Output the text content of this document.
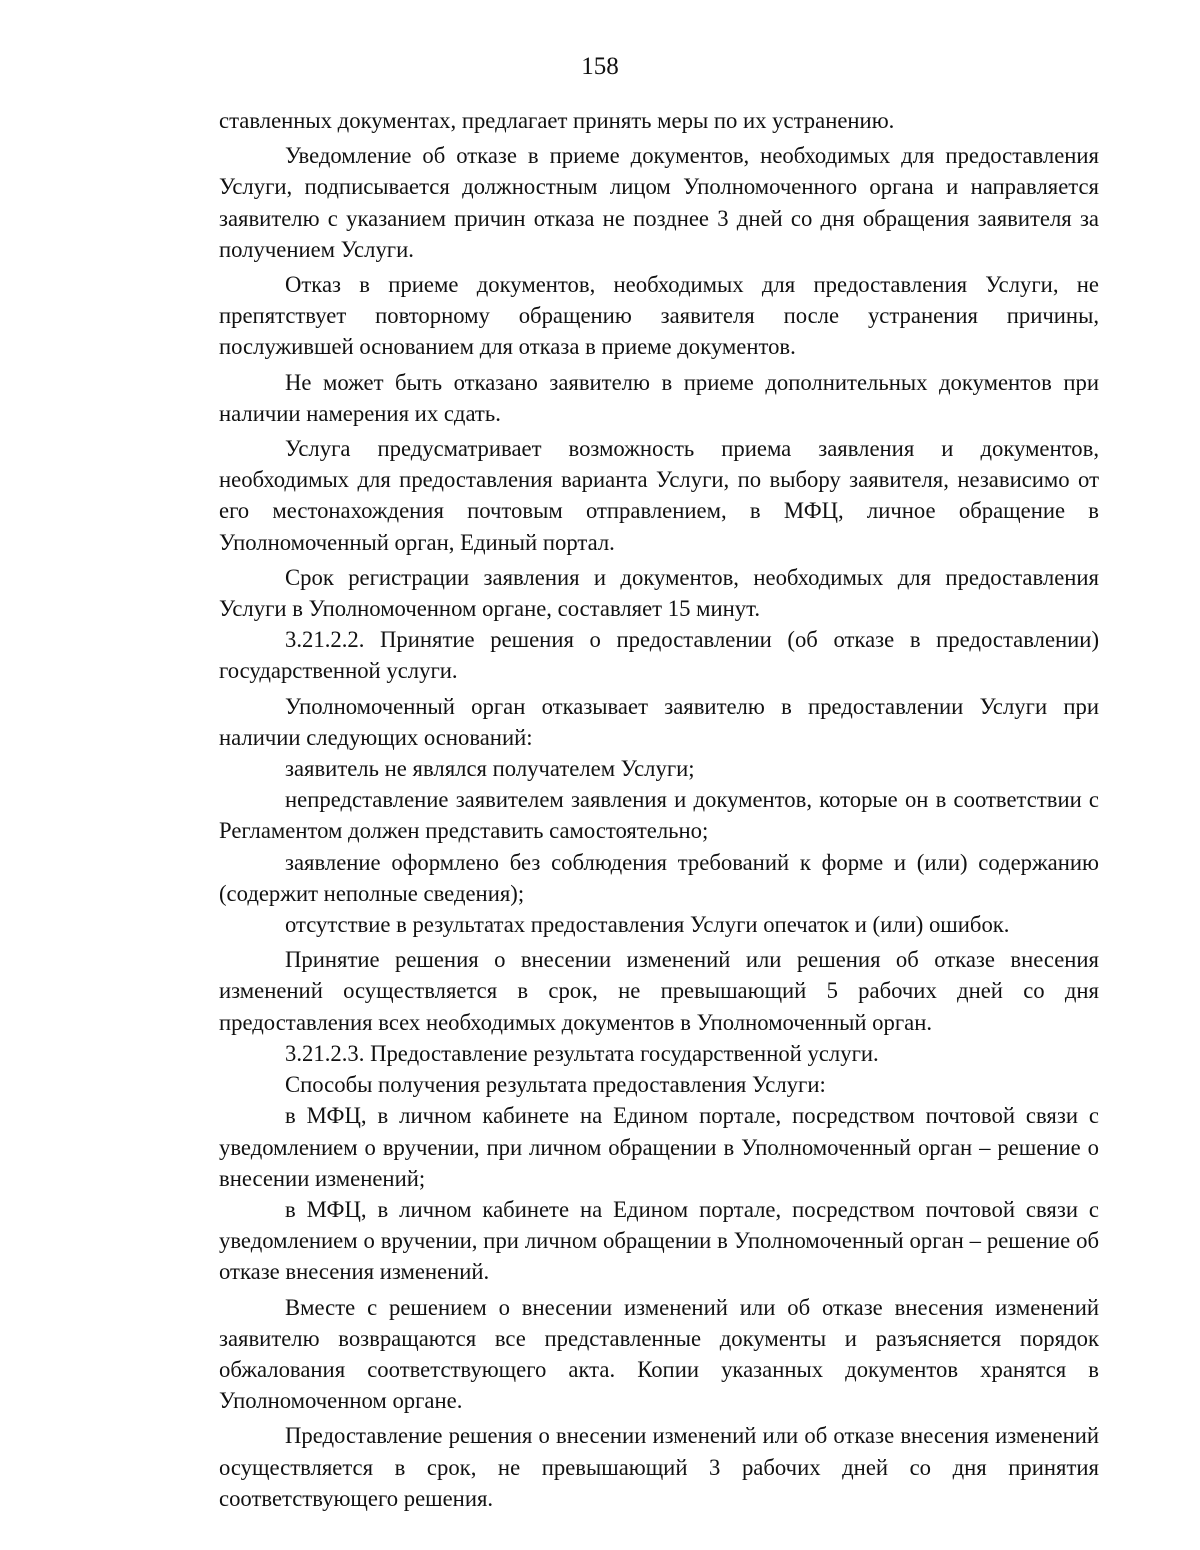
158

ставленных документах, предлагает принять меры по их устранению.

Уведомление об отказе в приеме документов, необходимых для предоставления Услуги, подписывается должностным лицом Уполномоченного органа и направляется заявителю с указанием причин отказа не позднее 3 дней со дня обращения заявителя за получением Услуги.

Отказ в приеме документов, необходимых для предоставления Услуги, не препятствует повторному обращению заявителя после устранения причины, послужившей основанием для отказа в приеме документов.

Не может быть отказано заявителю в приеме дополнительных документов при наличии намерения их сдать.

Услуга предусматривает возможность приема заявления и документов, необходимых для предоставления варианта Услуги, по выбору заявителя, независимо от его местонахождения почтовым отправлением, в МФЦ, личное обращение в Уполномоченный орган, Единый портал.

Срок регистрации заявления и документов, необходимых для предоставления Услуги в Уполномоченном органе, составляет 15 минут.

3.21.2.2. Принятие решения о предоставлении (об отказе в предоставлении) государственной услуги.

Уполномоченный орган отказывает заявителю в предоставлении Услуги при наличии следующих оснований:

заявитель не являлся получателем Услуги;

непредставление заявителем заявления и документов, которые он в соответствии с Регламентом должен представить самостоятельно;

заявление оформлено без соблюдения требований к форме и (или) содержанию (содержит неполные сведения);

отсутствие в результатах предоставления Услуги опечаток и (или) ошибок.

Принятие решения о внесении изменений или решения об отказе внесения изменений осуществляется в срок, не превышающий 5 рабочих дней со дня предоставления всех необходимых документов в Уполномоченный орган.

3.21.2.3. Предоставление результата государственной услуги.

Способы получения результата предоставления Услуги:

в МФЦ, в личном кабинете на Едином портале, посредством почтовой связи с уведомлением о вручении, при личном обращении в Уполномоченный орган – решение о внесении изменений;

в МФЦ, в личном кабинете на Едином портале, посредством почтовой связи с уведомлением о вручении, при личном обращении в Уполномоченный орган – решение об отказе внесения изменений.

Вместе с решением о внесении изменений или об отказе внесения изменений заявителю возвращаются все представленные документы и разъясняется порядок обжалования соответствующего акта. Копии указанных документов хранятся в Уполномоченном органе.

Предоставление решения о внесении изменений или об отказе внесения изменений осуществляется в срок, не превышающий 3 рабочих дней со дня принятия соответствующего решения.
